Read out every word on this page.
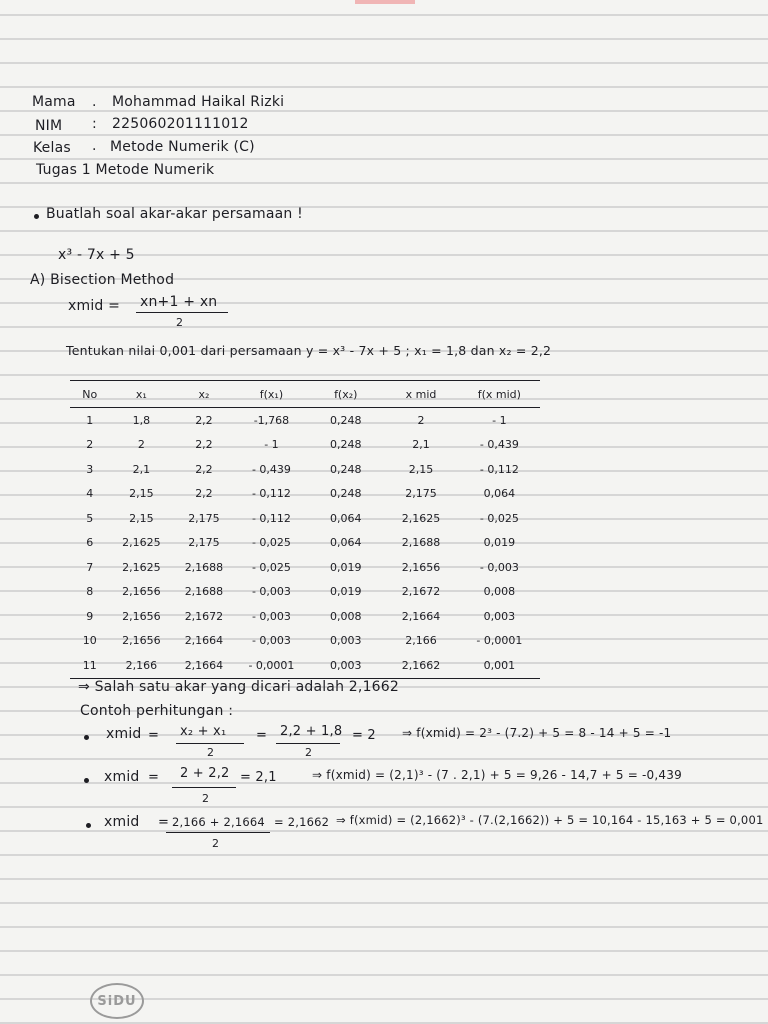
Mama . Mohammad Haikal Rizki
NIM : 225060201111012
Kelas . Metode Numerik (C)
Tugas 1 Metode Numerik
Buatlah soal akar-akar persamaan !
x³ - 7x + 5
A) Bisection Method
xmid = xn+1 + xn
2
Tentukan nilai 0,001 dari persamaan y = x³ - 7x + 5 ; x₁ = 1,8 dan x₂ = 2,2
No	x₁	x₂	f(x₁)	f(x₂)	x mid	f(x mid)
1	1,8	2,2	-1,768	0,248	2	- 1
2	2	2,2	- 1	0,248	2,1	- 0,439
3	2,1	2,2	- 0,439	0,248	2,15	- 0,112
4	2,15	2,2	- 0,112	0,248	2,175	0,064
5	2,15	2,175	- 0,112	0,064	2,1625	- 0,025
6	2,1625	2,175	- 0,025	0,064	2,1688	0,019
7	2,1625	2,1688	- 0,025	0,019	2,1656	- 0,003
8	2,1656	2,1688	- 0,003	0,019	2,1672	0,008
9	2,1656	2,1672	- 0,003	0,008	2,1664	0,003
10	2,1656	2,1664	- 0,003	0,003	2,166	- 0,0001
11	2,166	2,1664	- 0,0001	0,003	2,1662	0,001
⇒ Salah satu akar yang dicari adalah 2,1662
Contoh perhitungan :
xmid = x₂ + x₁
2
= 2,2 + 1,8
2
= 2 ⇒ f(xmid) = 2³ - (7.2) + 5 = 8 - 14 + 5 = -1
xmid = 2 + 2,2
2
= 2,1	⇒ f(xmid) = (2,1)³ - (7 . 2,1) + 5 = 9,26 - 14,7 + 5 = -0,439
xmid = 2,166 + 2,1664
2
= 2,1662 ⇒ f(xmid) = (2,1662)³ - (7.(2,1662)) + 5 = 10,164 - 15,163 + 5 = 0,001
SiDU
